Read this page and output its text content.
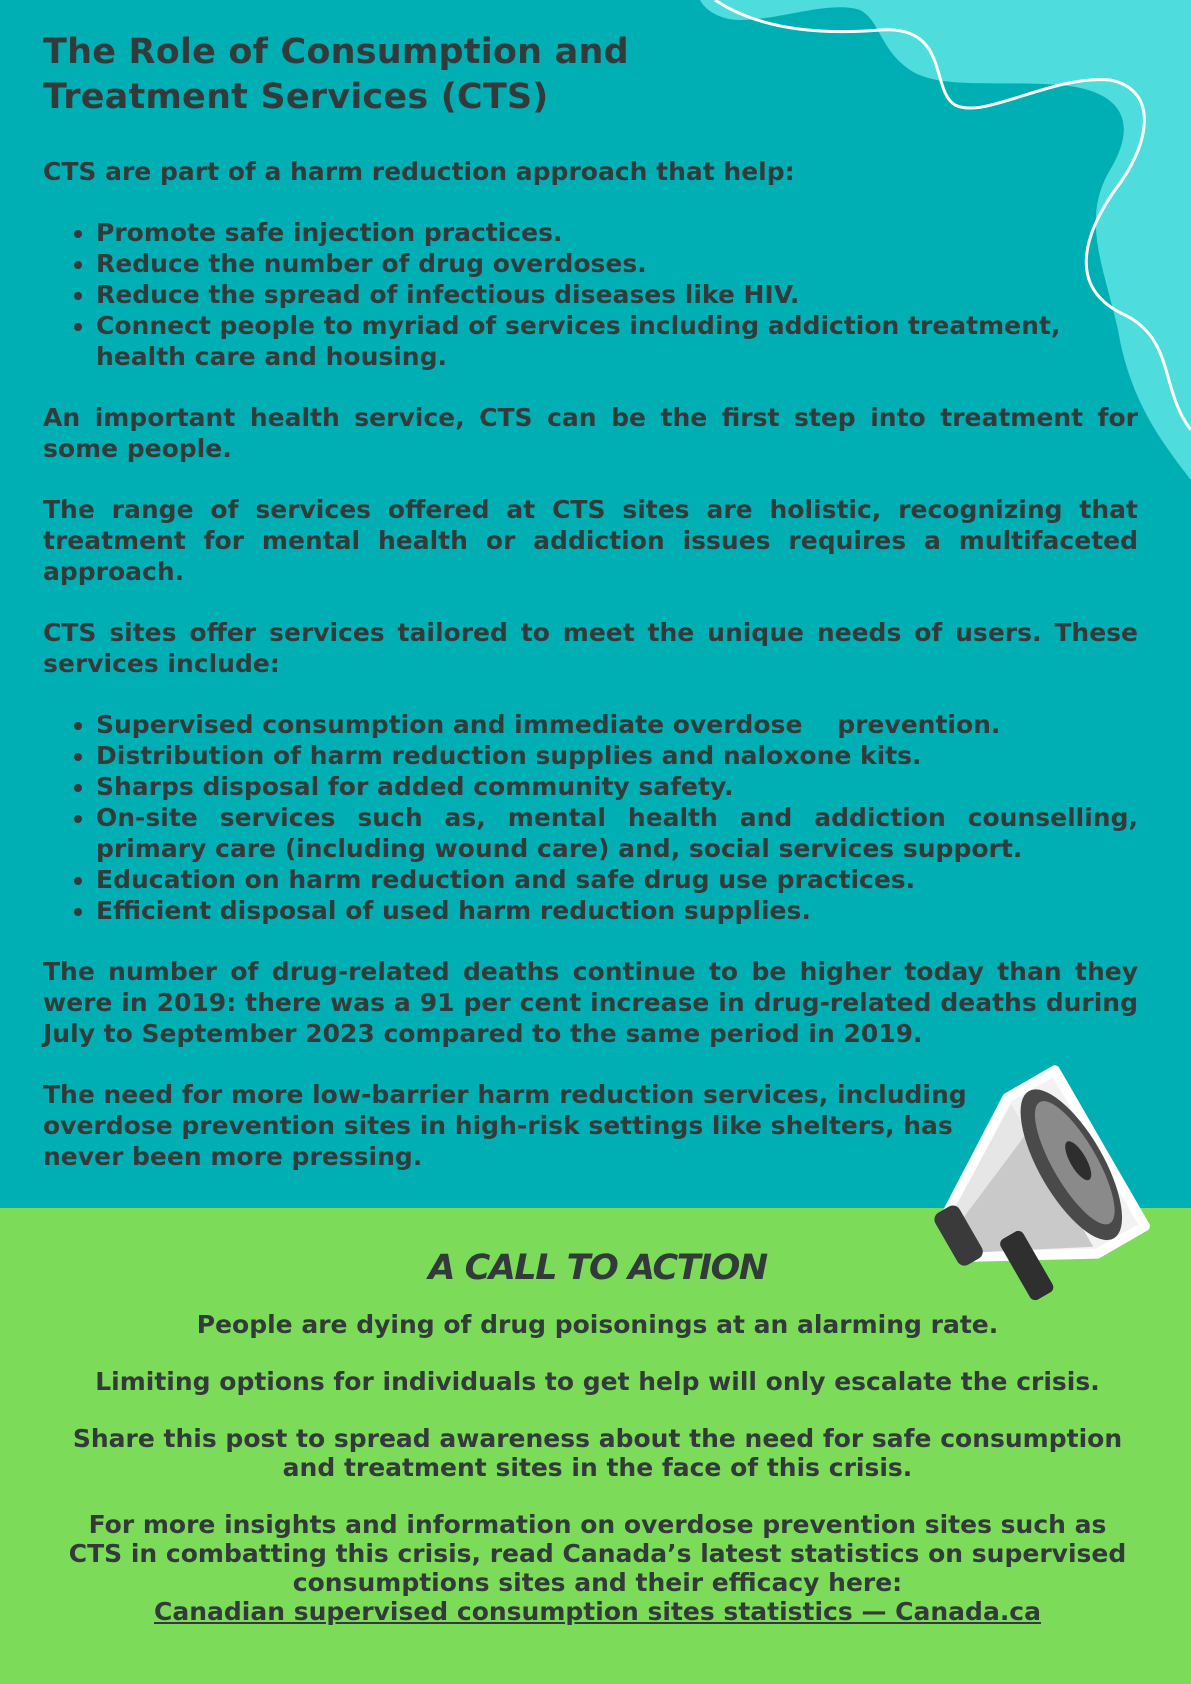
The Role of Consumption and
Treatment Services (CTS)

CTS are part of a harm reduction approach that help:

• Promote safe injection practices.
• Reduce the number of drug overdoses.
• Reduce the spread of infectious diseases like HIV.
• Connect people to myriad of services including addiction treatment, health care and housing.

An important health service, CTS can be the first step into treatment for some people.

The range of services offered at CTS sites are holistic, recognizing that treatment for mental health or addiction issues requires a multifaceted approach.

CTS sites offer services tailored to meet the unique needs of users. These services include:

• Supervised consumption and immediate overdose    prevention.
• Distribution of harm reduction supplies and naloxone kits.
• Sharps disposal for added community safety.
• On-site services such as, mental health and addiction counselling, primary care (including wound care) and, social services support.
• Education on harm reduction and safe drug use practices.
• Efficient disposal of used harm reduction supplies.

The number of drug-related deaths continue to be higher today than they were in 2019: there was a 91 per cent increase in drug-related deaths during July to September 2023 compared to the same period in 2019.

The need for more low-barrier harm reduction services, including overdose prevention sites in high-risk settings like shelters, has never been more pressing.

A CALL TO ACTION

People are dying of drug poisonings at an alarming rate.

Limiting options for individuals to get help will only escalate the crisis.

Share this post to spread awareness about the need for safe consumption and treatment sites in the face of this crisis.

For more insights and information on overdose prevention sites such as CTS in combatting this crisis, read Canada’s latest statistics on supervised consumptions sites and their efficacy here:
Canadian supervised consumption sites statistics — Canada.ca
